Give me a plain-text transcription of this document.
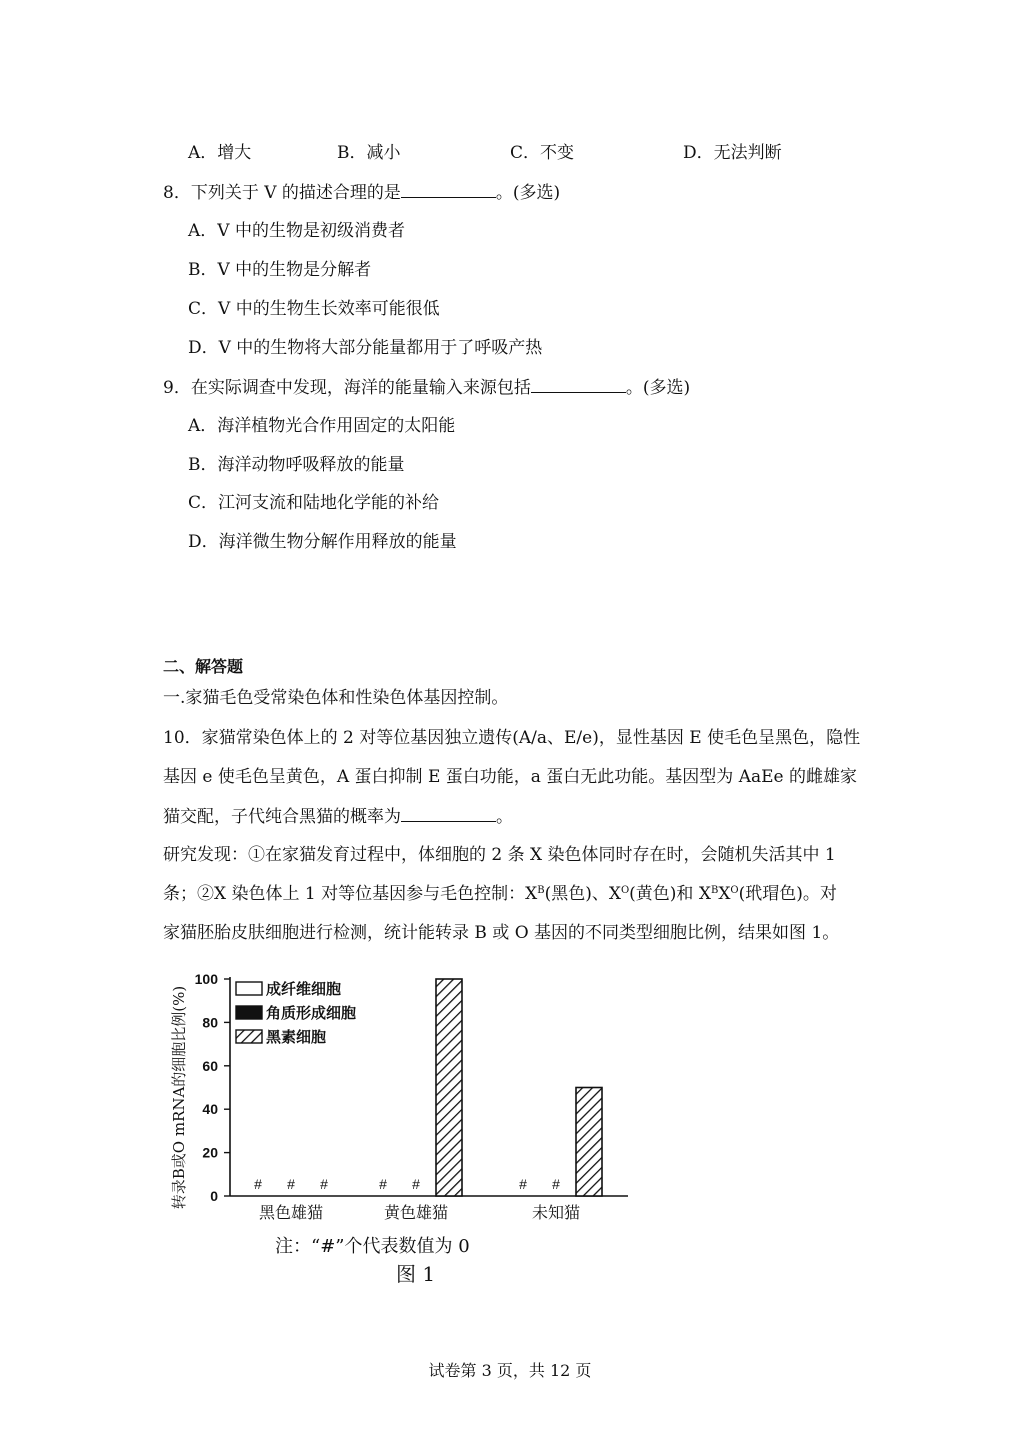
A．增大	B．减小	C．不变	D．无法判断
8．下列关于 V 的描述合理的是	。(多选)
A．V 中的生物是初级消费者
B．V 中的生物是分解者
C．V 中的生物生长效率可能很低
D．V 中的生物将大部分能量都用于了呼吸产热
9．在实际调查中发现，海洋的能量输入来源包括	。(多选)
A．海洋植物光合作用固定的太阳能
B．海洋动物呼吸释放的能量
C．江河支流和陆地化学能的补给
D．海洋微生物分解作用释放的能量
二、解答题
一.家猫毛色受常染色体和性染色体基因控制。
10．家猫常染色体上的 2 对等位基因独立遗传(A/a、E/e)，显性基因 E 使毛色呈黑色，隐性
基因 e 使毛色呈黄色，A 蛋白抑制 E 蛋白功能，a 蛋白无此功能。基因型为 AaEe 的雌雄家
猫交配，子代纯合黑猫的概率为	。
研究发现：①在家猫发育过程中，体细胞的 2 条 X 染色体同时存在时，会随机失活其中 1
条；②X 染色体上 1 对等位基因参与毛色控制：$X^B$(黑色)、$X^O$(黄色)和 $X^BX^O$(玳瑁色)。对
家猫胚胎皮肤细胞进行检测，统计能转录 B 或 O 基因的不同类型细胞比例，结果如图 1。
0
20
40
60
80
100
转录B或O mRNA的细胞比例(%)	# # #
黑色雄猫
# #
黄色雄猫
# #
未知猫
注：“#”个代表数值为 0
图 1
成纤维细胞
角质形成细胞
黑素细胞
试卷第 3 页，共 12 页
